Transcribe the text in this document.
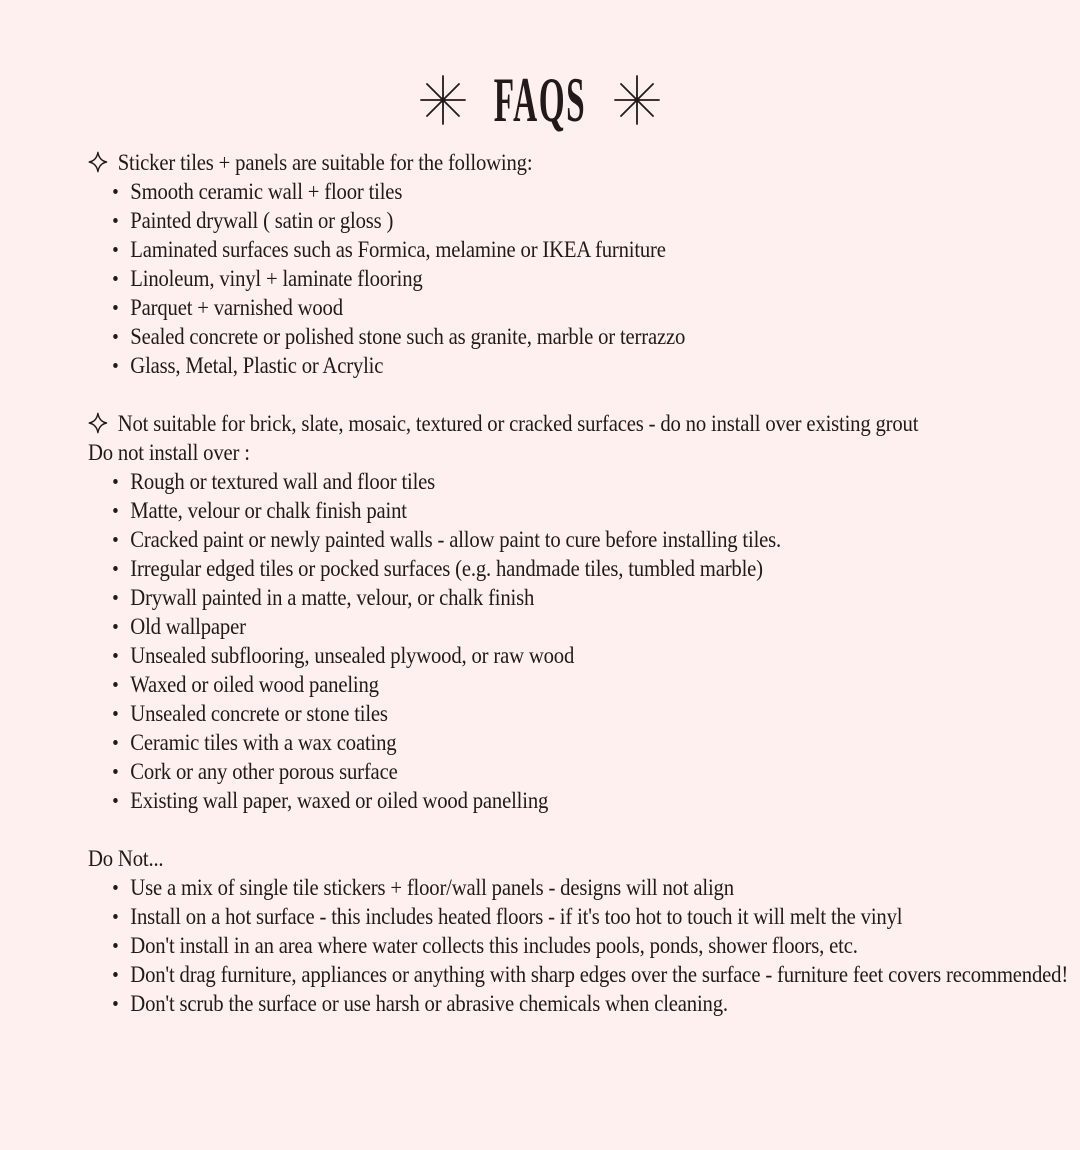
FAQS

Sticker tiles + panels are suitable for the following:

Smooth ceramic wall + floor tiles
Painted drywall ( satin or gloss )
Laminated surfaces such as Formica, melamine or IKEA furniture
Linoleum, vinyl + laminate flooring
Parquet + varnished wood
Sealed concrete or polished stone such as granite, marble or terrazzo
Glass, Metal, Plastic or Acrylic

Not suitable for brick, slate, mosaic, textured or cracked surfaces - do no install over existing grout

Do not install over :

Rough or textured wall and floor tiles
Matte, velour or chalk finish paint
Cracked paint or newly painted walls - allow paint to cure before installing tiles.
Irregular edged tiles or pocked surfaces (e.g. handmade tiles, tumbled marble)
Drywall painted in a matte, velour, or chalk finish
Old wallpaper
Unsealed subflooring, unsealed plywood, or raw wood
Waxed or oiled wood paneling
Unsealed concrete or stone tiles
Ceramic tiles with a wax coating
Cork or any other porous surface
Existing wall paper, waxed or oiled wood panelling

Do Not...

Use a mix of single tile stickers + floor/wall panels - designs will not align
Install on a hot surface - this includes heated floors - if it's too hot to touch it will melt the vinyl
Don't install in an area where water collects this includes pools, ponds, shower floors, etc.
Don't drag furniture, appliances or anything with sharp edges over the surface - furniture feet covers recommended!
Don't scrub the surface or use harsh or abrasive chemicals when cleaning.
